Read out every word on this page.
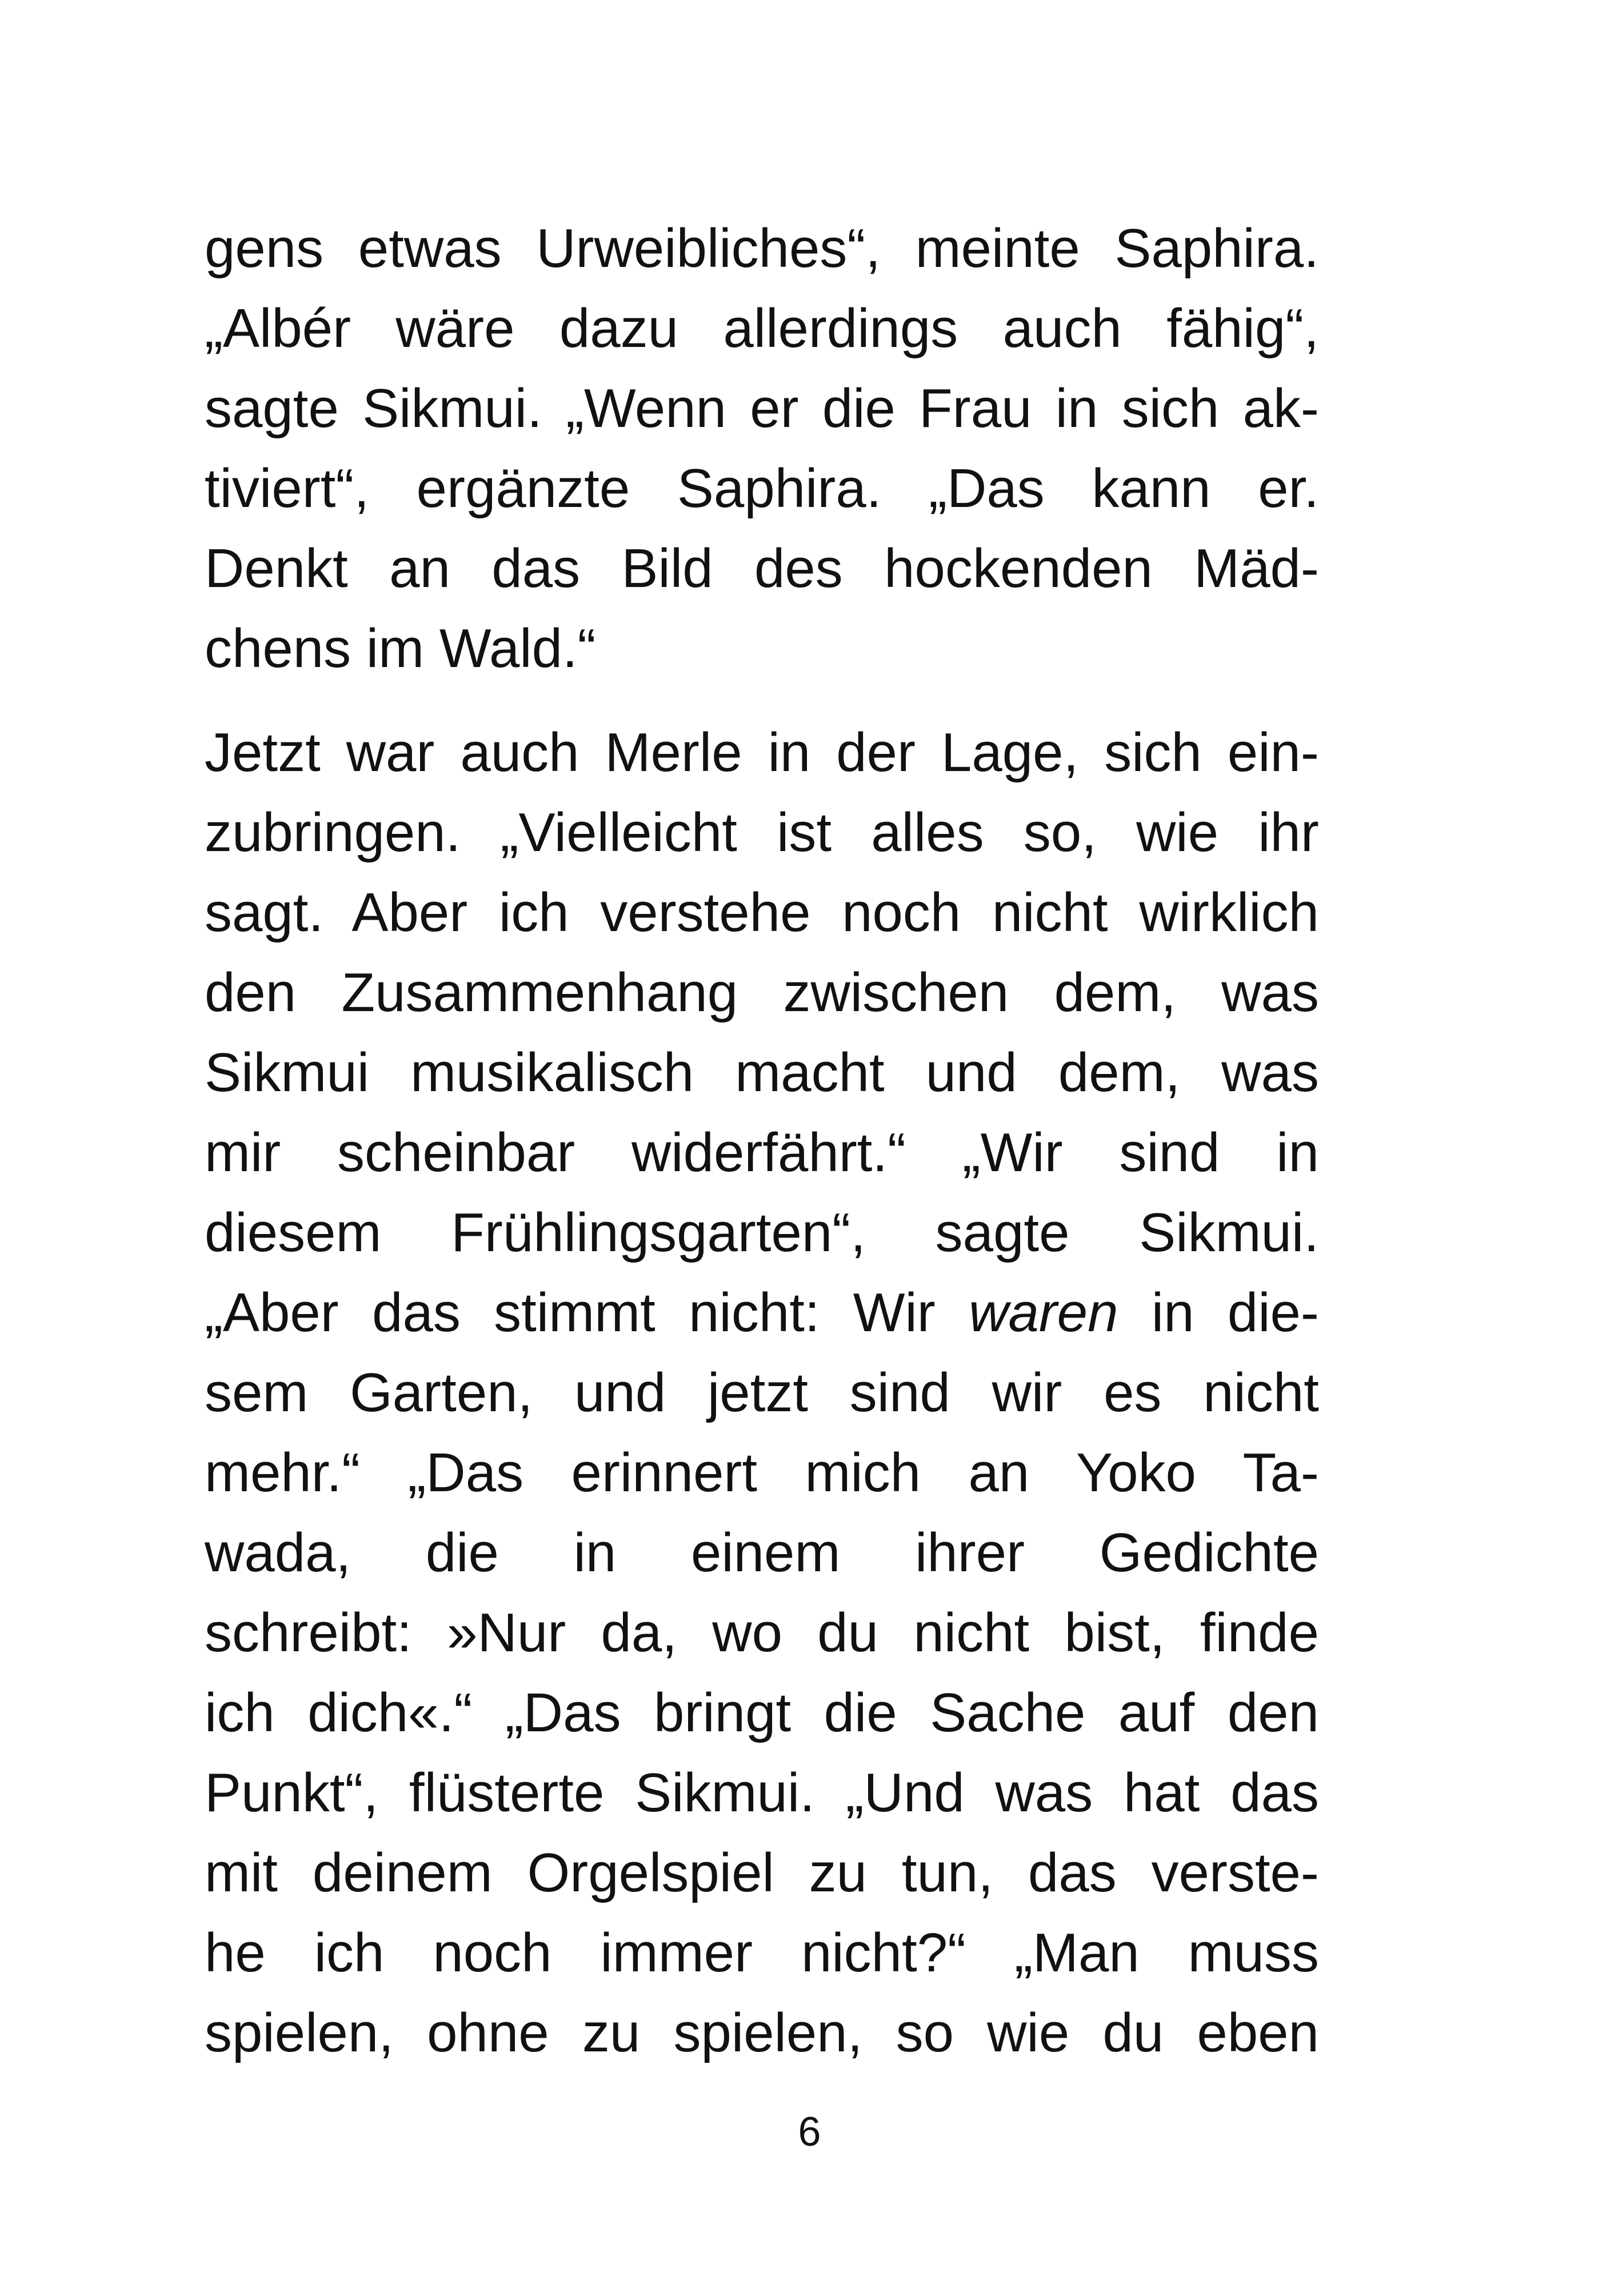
gens etwas Urweibliches“, meinte Saphira.
„Albér wäre dazu allerdings auch fähig“,
sagte Sikmui. „Wenn er die Frau in sich ak-
tiviert“, ergänzte Saphira. „Das kann er.
Denkt an das Bild des hockenden Mäd-
chens im Wald.“
Jetzt war auch Merle in der Lage, sich ein-
zubringen. „Vielleicht ist alles so, wie ihr
sagt. Aber ich verstehe noch nicht wirklich
den Zusammenhang zwischen dem, was
Sikmui musikalisch macht und dem, was
mir scheinbar widerfährt.“ „Wir sind in
diesem Frühlingsgarten“, sagte Sikmui.
„Aber das stimmt nicht: Wir waren in die-
sem Garten, und jetzt sind wir es nicht
mehr.“ „Das erinnert mich an Yoko Ta-
wada, die in einem ihrer Gedichte
schreibt: »Nur da, wo du nicht bist, finde
ich dich«.“ „Das bringt die Sache auf den
Punkt“, flüsterte Sikmui. „Und was hat das
mit deinem Orgelspiel zu tun, das verste-
he ich noch immer nicht?“ „Man muss
spielen, ohne zu spielen, so wie du eben
6
